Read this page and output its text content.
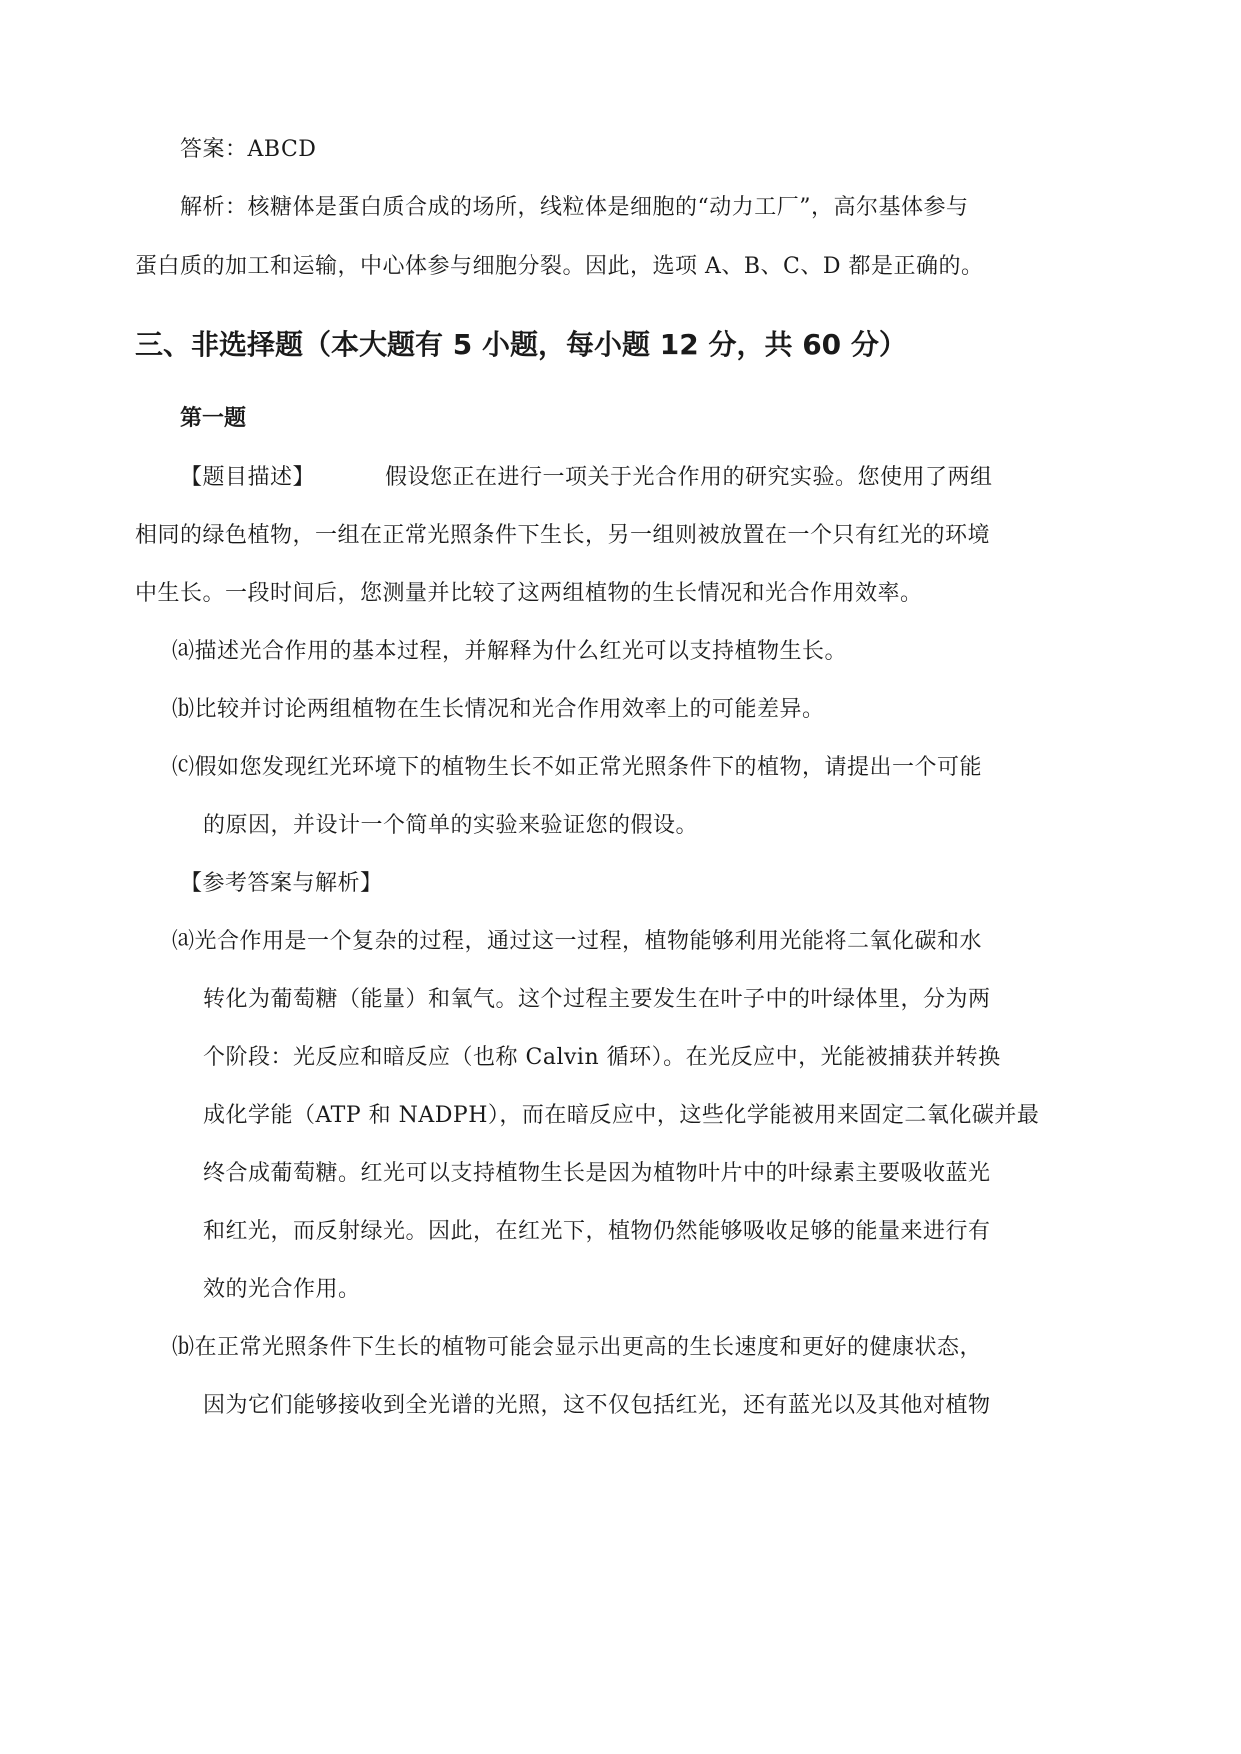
答案：ABCD
解析：核糖体是蛋白质合成的场所，线粒体是细胞的“动力工厂”，高尔基体参与
蛋白质的加工和运输，中心体参与细胞分裂。因此，选项 A、B、C、D 都是正确的。
三、非选择题（本大题有 5 小题，每小题 12 分，共 60 分）
第一题
【题目描述】	假设您正在进行一项关于光合作用的研究实验。您使用了两组
相同的绿色植物，一组在正常光照条件下生长，另一组则被放置在一个只有红光的环境
中生长。一段时间后，您测量并比较了这两组植物的生长情况和光合作用效率。
⒜描述光合作用的基本过程，并解释为什么红光可以支持植物生长。
⒝比较并讨论两组植物在生长情况和光合作用效率上的可能差异。
⒞假如您发现红光环境下的植物生长不如正常光照条件下的植物，请提出一个可能
的原因，并设计一个简单的实验来验证您的假设。
【参考答案与解析】
⒜光合作用是一个复杂的过程，通过这一过程，植物能够利用光能将二氧化碳和水
转化为葡萄糖（能量）和氧气。这个过程主要发生在叶子中的叶绿体里，分为两
个阶段：光反应和暗反应（也称 Calvin 循环）。在光反应中，光能被捕获并转换
成化学能（ATP 和 NADPH），而在暗反应中，这些化学能被用来固定二氧化碳并最
终合成葡萄糖。红光可以支持植物生长是因为植物叶片中的叶绿素主要吸收蓝光
和红光，而反射绿光。因此，在红光下，植物仍然能够吸收足够的能量来进行有
效的光合作用。
⒝在正常光照条件下生长的植物可能会显示出更高的生长速度和更好的健康状态，
因为它们能够接收到全光谱的光照，这不仅包括红光，还有蓝光以及其他对植物
